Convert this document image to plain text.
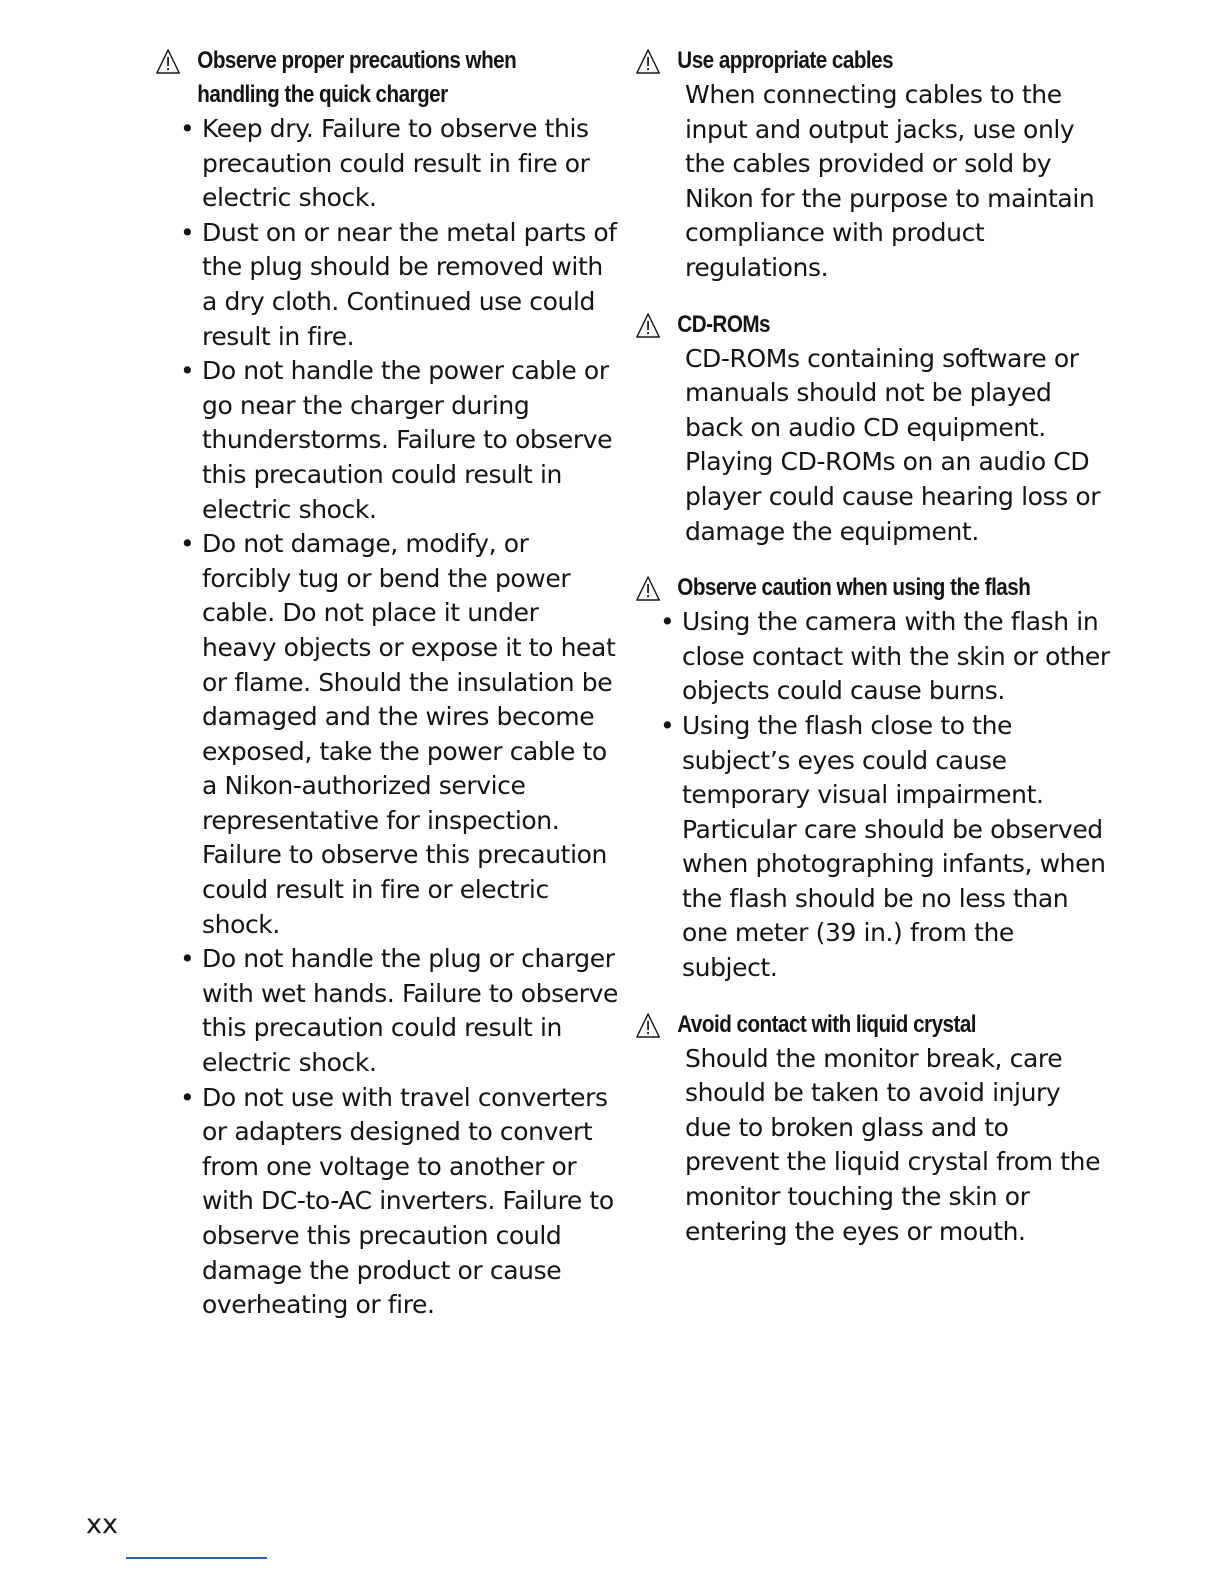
Observe proper precautions when
handling the quick charger
• Keep dry. Failure to observe this precaution could result in fire or electric shock.
• Dust on or near the metal parts of the plug should be removed with a dry cloth. Continued use could result in fire.
• Do not handle the power cable or go near the charger during thunderstorms. Failure to observe this precaution could result in electric shock.
• Do not damage, modify, or forcibly tug or bend the power cable. Do not place it under heavy objects or expose it to heat or flame. Should the insulation be damaged and the wires become exposed, take the power cable to a Nikon-authorized service representative for inspection. Failure to observe this precaution could result in fire or electric shock.
• Do not handle the plug or charger with wet hands. Failure to observe this precaution could result in electric shock.
• Do not use with travel converters or adapters designed to convert from one voltage to another or with DC-to-AC inverters. Failure to observe this precaution could damage the product or cause overheating or fire.
Use appropriate cables

When connecting cables to the input and output jacks, use only the cables provided or sold by Nikon for the purpose to maintain compliance with product regulations.

CD-ROMs

CD-ROMs containing software or manuals should not be played back on audio CD equipment. Playing CD-ROMs on an audio CD player could cause hearing loss or damage the equipment.

Observe caution when using the flash
• Using the camera with the flash in close contact with the skin or other objects could cause burns.
• Using the flash close to the subject’s eyes could cause temporary visual impairment. Particular care should be observed when photographing infants, when the flash should be no less than one meter (39 in.) from the subject.
Avoid contact with liquid crystal

Should the monitor break, care should be taken to avoid injury due to broken glass and to prevent the liquid crystal from the monitor touching the skin or entering the eyes or mouth.

xx
